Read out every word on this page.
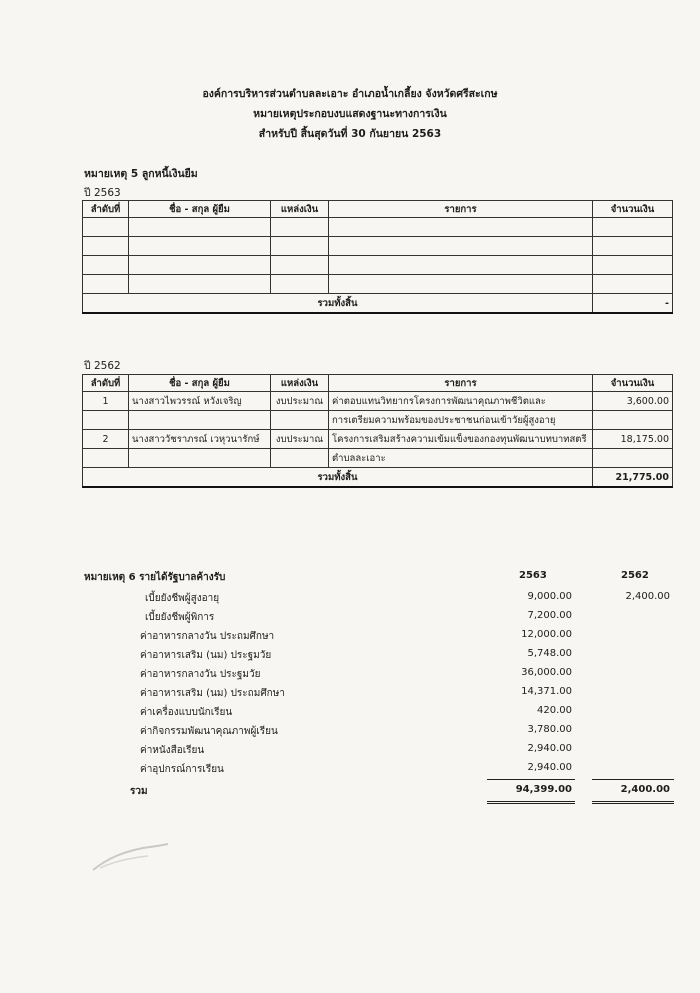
องค์การบริหารส่วนตำบลละเอาะ อำเภอน้ำเกลี้ยง จังหวัดศรีสะเกษ
หมายเหตุประกอบงบแสดงฐานะทางการเงิน
สำหรับปี สิ้นสุดวันที่ 30 กันยายน 2563
หมายเหตุ 5 ลูกหนี้เงินยืม
ปี 2563
ลำดับที่	ชื่อ - สกุล ผู้ยืม	แหล่งเงิน	รายการ	จำนวนเงิน

รวมทั้งสิ้น				-
ปี 2562
ลำดับที่	ชื่อ - สกุล ผู้ยืม	แหล่งเงิน	รายการ	จำนวนเงิน
1	นางสาวไพวรรณ์ หวังเจริญ	งบประมาณ	ค่าตอบแทนวิทยากรโครงการพัฒนาคุณภาพชีวิตและ	3,600.00
			การเตรียมความพร้อมของประชาชนก่อนเข้าวัยผู้สูงอายุ	
2	นางสาววัชราภรณ์ เวหุวนารักษ์	งบประมาณ	โครงการเสริมสร้างความเข้มแข็งของกองทุนพัฒนาบทบาทสตรี	18,175.00
			ตำบลละเอาะ	
รวมทั้งสิ้น				21,775.00
หมายเหตุ 6 รายได้รัฐบาลค้างรับ	2563	2562
เบี้ยยังชีพผู้สูงอายุ	9,000.00	2,400.00
เบี้ยยังชีพผู้พิการ	7,200.00
ค่าอาหารกลางวัน ประถมศึกษา	12,000.00
ค่าอาหารเสริม (นม) ประฐมวัย	5,748.00
ค่าอาหารกลางวัน ประฐมวัย	36,000.00
ค่าอาหารเสริม (นม) ประถมศึกษา	14,371.00
ค่าเครื่องแบบนักเรียน	420.00
ค่ากิจกรรมพัฒนาคุณภาพผู้เรียน	3,780.00
ค่าหนังสือเรียน	2,940.00
ค่าอุปกรณ์การเรียน	2,940.00
รวม	94,399.00	2,400.00
